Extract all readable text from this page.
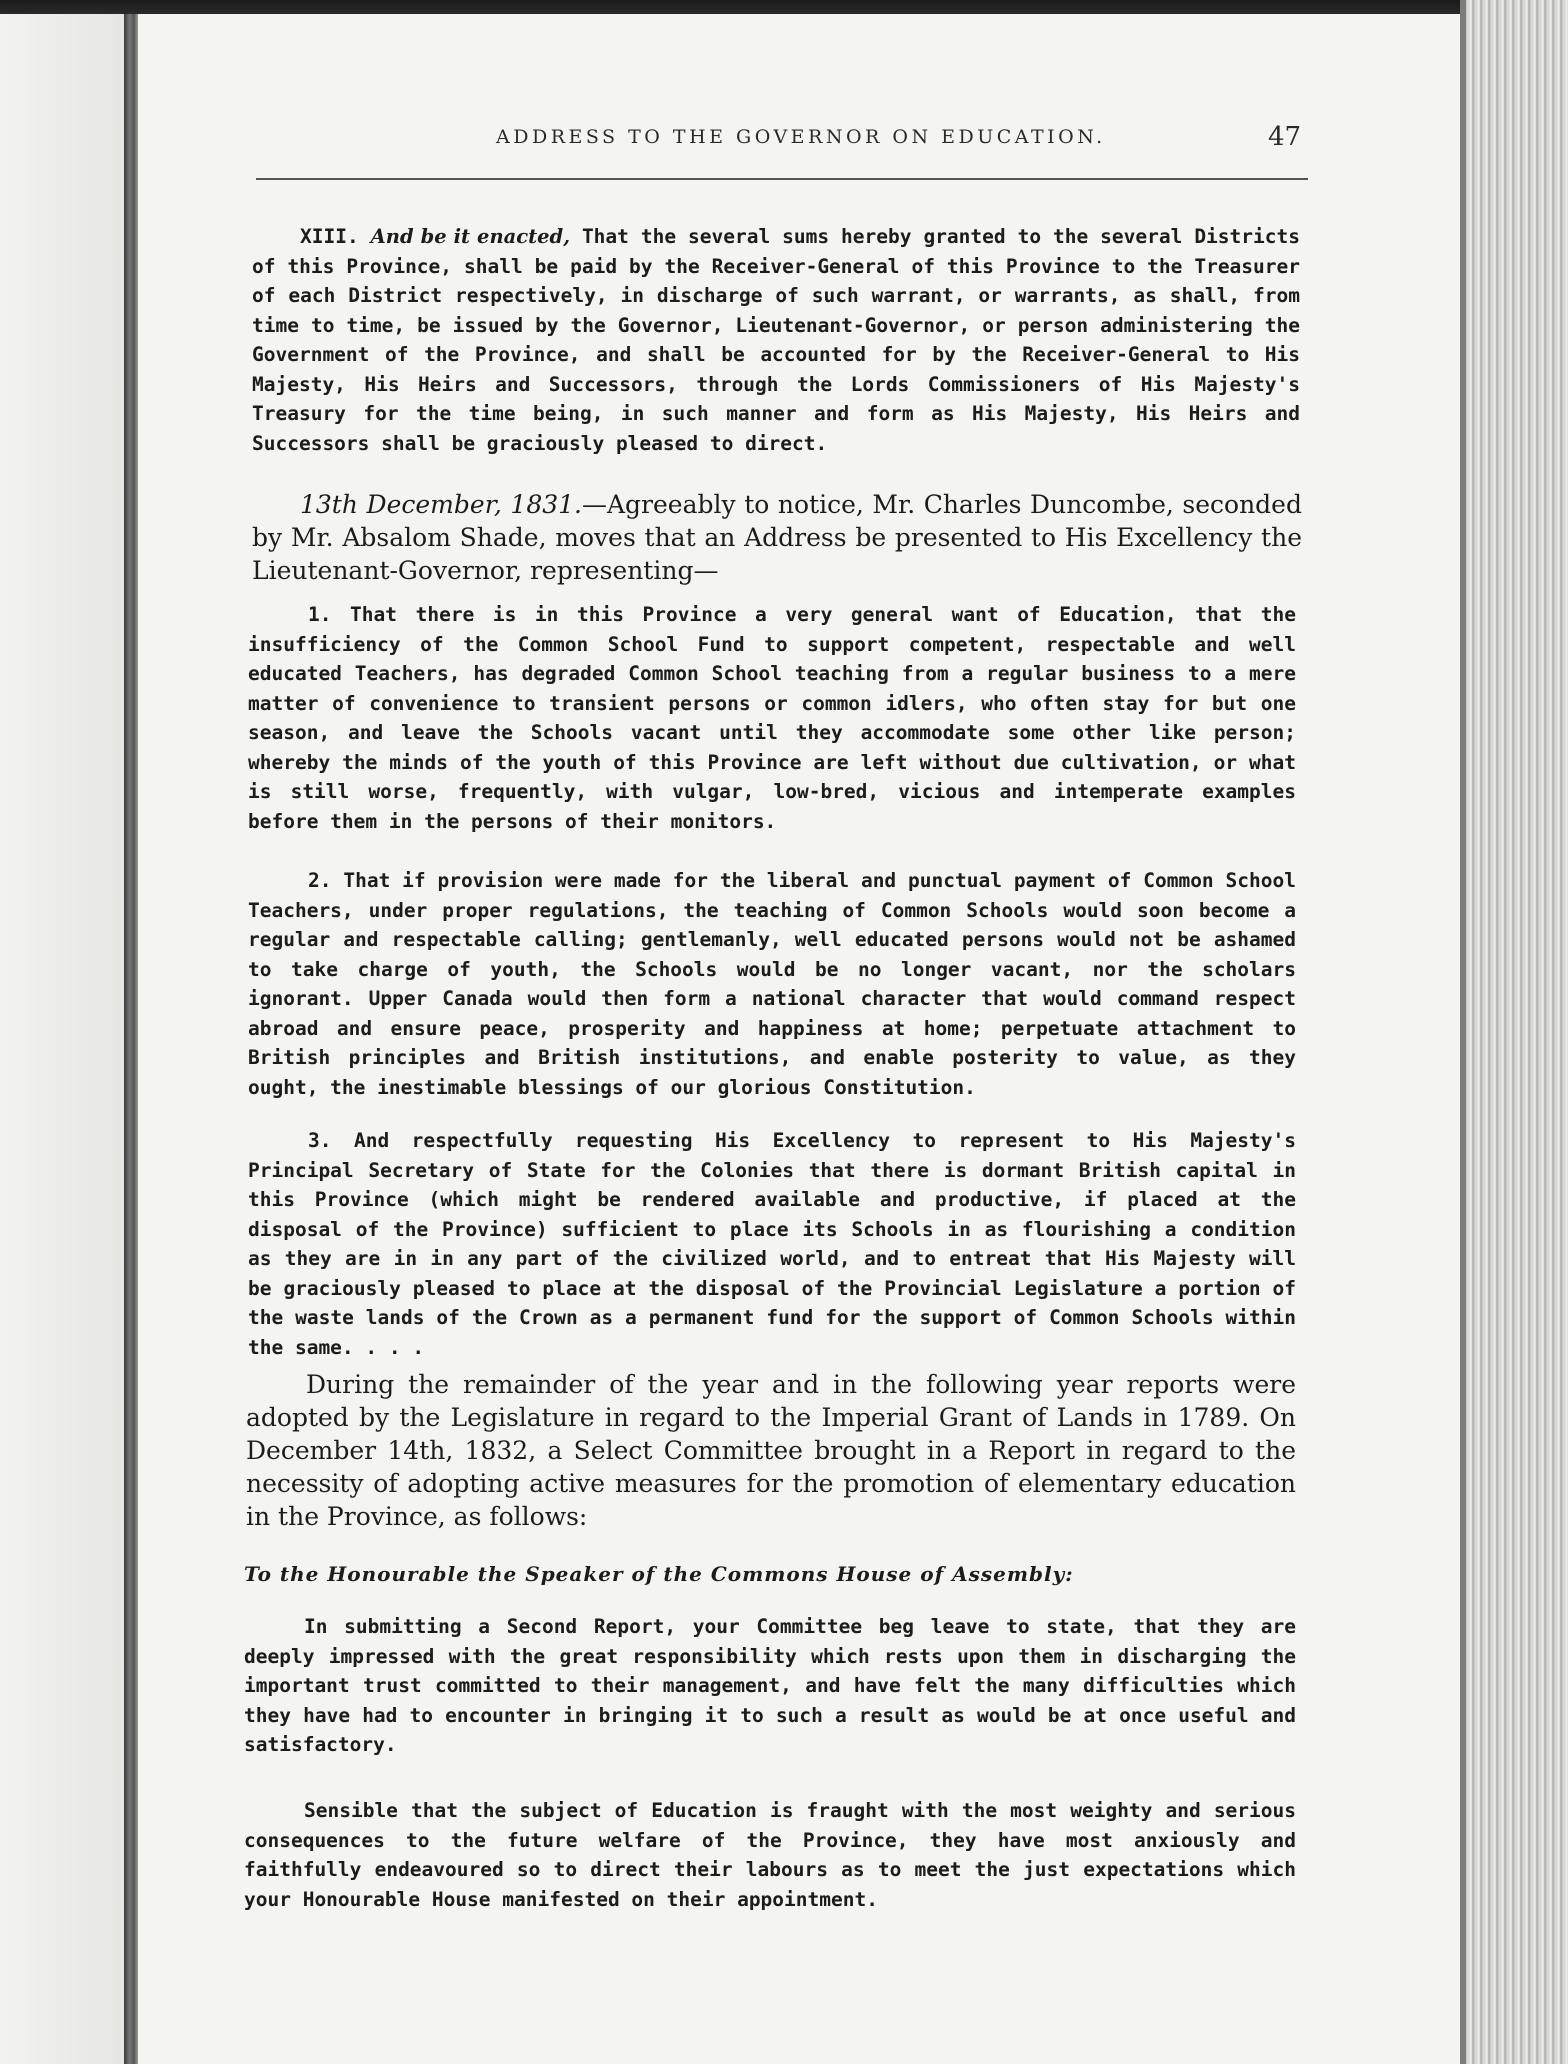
ADDRESS TO THE GOVERNOR ON EDUCATION.	47

XIII. And be it enacted, That the several sums hereby granted to the several Districts of this Province, shall be paid by the Receiver-General of this Province to the Treasurer of each District respectively, in discharge of such warrant, or warrants, as shall, from time to time, be issued by the Governor, Lieutenant-Governor, or person administering the Government of the Province, and shall be accounted for by the Receiver-General to His Majesty, His Heirs and Successors, through the Lords Commissioners of His Majesty's Treasury for the time being, in such manner and form as His Majesty, His Heirs and Successors shall be graciously pleased to direct.

13th December, 1831.—Agreeably to notice, Mr. Charles Duncombe, seconded by Mr. Absalom Shade, moves that an Address be presented to His Excellency the Lieutenant-Governor, representing—

1. That there is in this Province a very general want of Education, that the insufficiency of the Common School Fund to support competent, respectable and well educated Teachers, has degraded Common School teaching from a regular business to a mere matter of convenience to transient persons or common idlers, who often stay for but one season, and leave the Schools vacant until they accommodate some other like person; whereby the minds of the youth of this Province are left without due cultivation, or what is still worse, frequently, with vulgar, low-bred, vicious and intemperate examples before them in the persons of their monitors.

2. That if provision were made for the liberal and punctual payment of Common School Teachers, under proper regulations, the teaching of Common Schools would soon become a regular and respectable calling; gentlemanly, well educated persons would not be ashamed to take charge of youth, the Schools would be no longer vacant, nor the scholars ignorant. Upper Canada would then form a national character that would command respect abroad and ensure peace, prosperity and happiness at home; perpetuate attachment to British principles and British institutions, and enable posterity to value, as they ought, the inestimable blessings of our glorious Constitution.

3. And respectfully requesting His Excellency to represent to His Majesty's Principal Secretary of State for the Colonies that there is dormant British capital in this Province (which might be rendered available and productive, if placed at the disposal of the Province) sufficient to place its Schools in as flourishing a condition as they are in in any part of the civilized world, and to entreat that His Majesty will be graciously pleased to place at the disposal of the Provincial Legislature a portion of the waste lands of the Crown as a permanent fund for the support of Common Schools within the same. . . .

During the remainder of the year and in the following year reports were adopted by the Legislature in regard to the Imperial Grant of Lands in 1789. On December 14th, 1832, a Select Committee brought in a Report in regard to the necessity of adopting active measures for the promotion of elementary education in the Province, as follows:

To the Honourable the Speaker of the Commons House of Assembly:

In submitting a Second Report, your Committee beg leave to state, that they are deeply impressed with the great responsibility which rests upon them in discharging the important trust committed to their management, and have felt the many difficulties which they have had to encounter in bringing it to such a result as would be at once useful and satisfactory.

Sensible that the subject of Education is fraught with the most weighty and serious consequences to the future welfare of the Province, they have most anxiously and faithfully endeavoured so to direct their labours as to meet the just expectations which your Honourable House manifested on their appointment.
